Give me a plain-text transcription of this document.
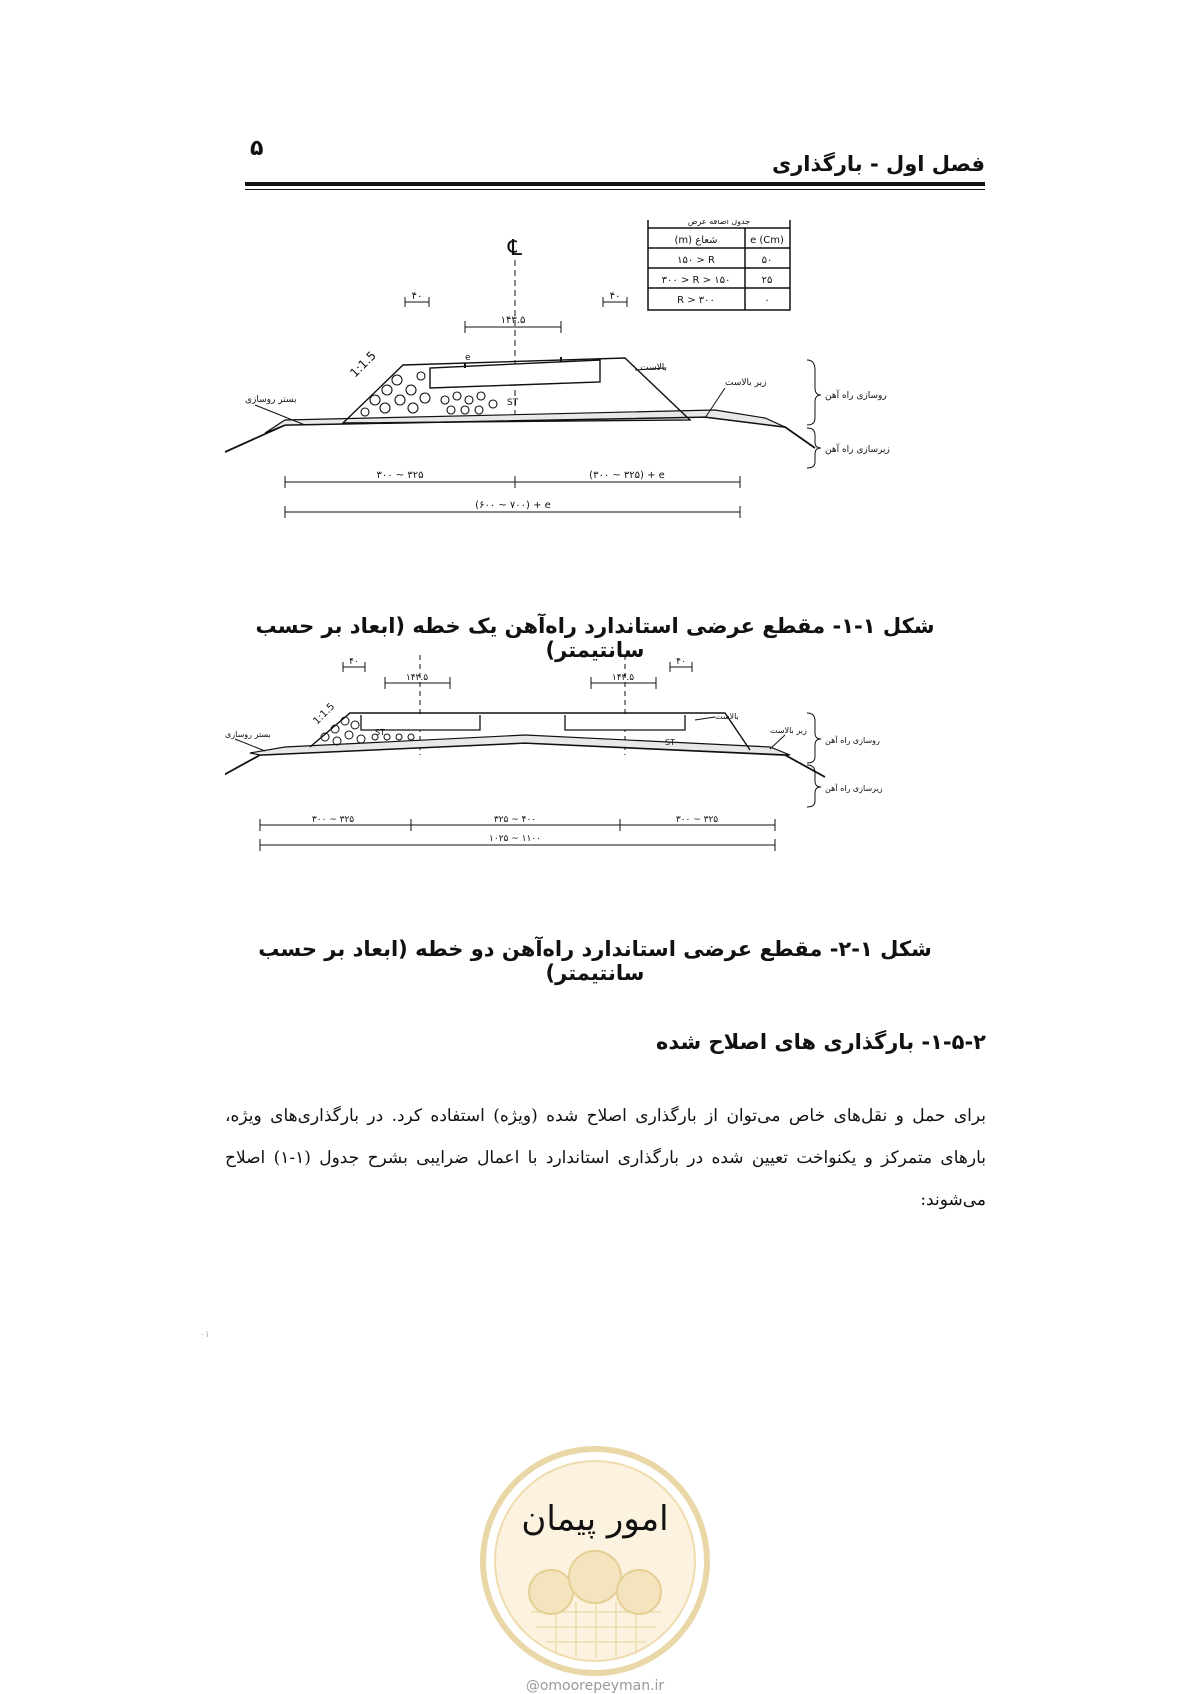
۵
فصل اول - بارگذاری
جدول اضافه عرض
(m) شعاع	e (Cm)
۱۵۰ > R	۵۰
۳۰۰ > R > ۱۵۰	۲۵
R > ۳۰۰	۰
℄
۴۰	۴۰
۱۴۳.۵
1:1.5	e
ST
بالاست
زیر بالاست
بستر روسازی	روسازی راه آهن
زیرسازی راه آهن
۳۰۰ ~ ۳۲۵	(۳۰۰ ~ ۳۲۵) + e
(۶۰۰ ~ ۷۰۰) + e
شکل ۱-۱- مقطع عرضی استاندارد راه‌آهن یک خطه (ابعاد بر حسب سانتیمتر)
۴۰	۴۰
۱۴۳.۵	۱۴۳.۵
1:1.5
ST
ST
بالاست
زیر بالاست
بستر روسازی
روسازی راه آهن
زیرسازی راه آهن
۳۰۰ ~ ۳۲۵	۳۲۵ ~ ۴۰۰	۳۰۰ ~ ۳۲۵
۱۰۲۵ ~ ۱۱۰۰
شکل ۱-۲- مقطع عرضی استاندارد راه‌آهن دو خطه (ابعاد بر حسب سانتیمتر)
۱-۵-۲- بارگذاری های اصلاح شده

برای حمل و نقل‌های خاص می‌توان از بارگذاری اصلاح شده (ویژه) استفاده کرد. در بارگذاری‌های ویژه، بارهای متمرکز و یکنواخت تعیین شده در بارگذاری استاندارد با اعمال ضرایبی بشرح جدول (۱-۱) اصلاح می‌شوند:

۰۱
امور پیمان
@omoorepeyman.ir
